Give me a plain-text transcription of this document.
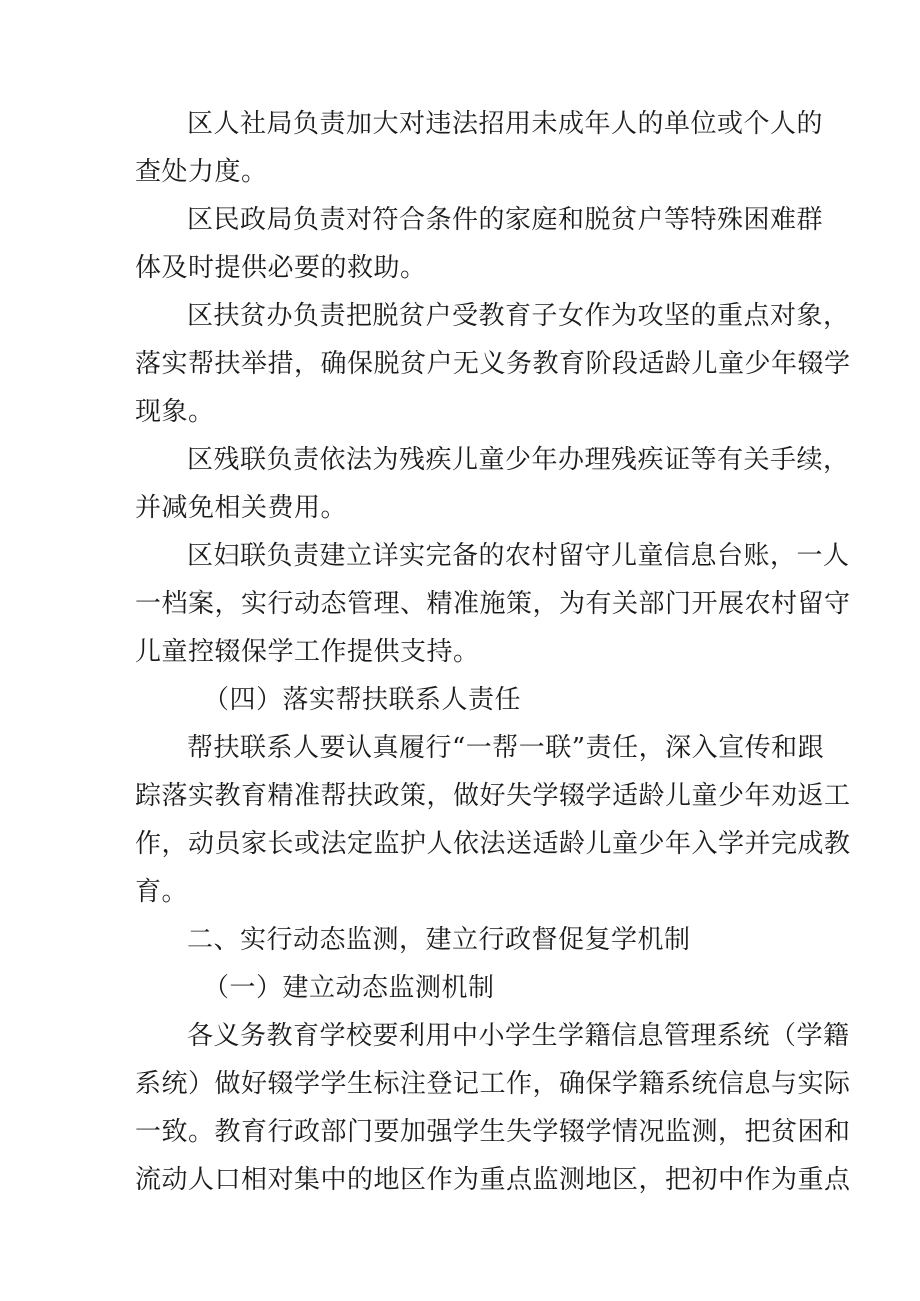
区人社局负责加大对违法招用未成年人的单位或个人的
查处力度。
区民政局负责对符合条件的家庭和脱贫户等特殊困难群
体及时提供必要的救助。
区扶贫办负责把脱贫户受教育子女作为攻坚的重点对象，
落实帮扶举措，确保脱贫户无义务教育阶段适龄儿童少年辍学
现象。
区残联负责依法为残疾儿童少年办理残疾证等有关手续，
并减免相关费用。
区妇联负责建立详实完备的农村留守儿童信息台账，一人
一档案，实行动态管理、精准施策，为有关部门开展农村留守
儿童控辍保学工作提供支持。
（四）落实帮扶联系人责任
帮扶联系人要认真履行“一帮一联”责任，深入宣传和跟
踪落实教育精准帮扶政策，做好失学辍学适龄儿童少年劝返工
作，动员家长或法定监护人依法送适龄儿童少年入学并完成教
育。
二、实行动态监测，建立行政督促复学机制
（一）建立动态监测机制
各义务教育学校要利用中小学生学籍信息管理系统（学籍
系统）做好辍学学生标注登记工作，确保学籍系统信息与实际
一致。教育行政部门要加强学生失学辍学情况监测，把贫困和
流动人口相对集中的地区作为重点监测地区，把初中作为重点
